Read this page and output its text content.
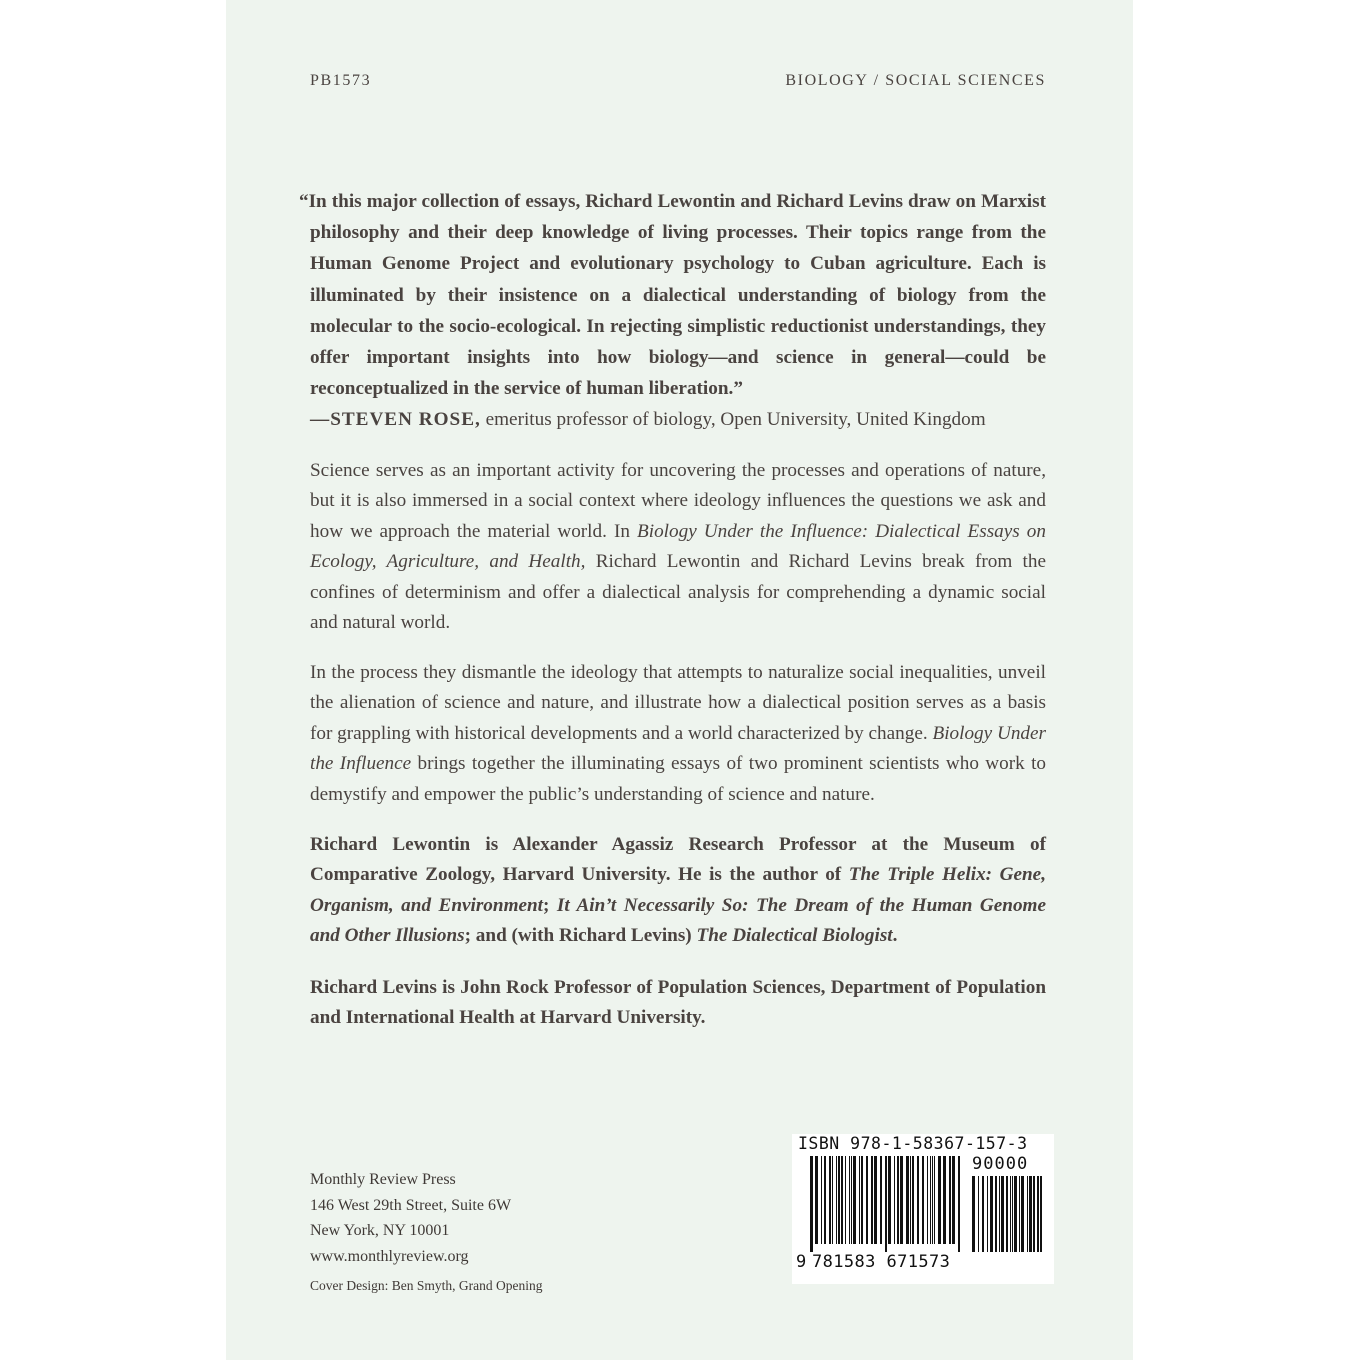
PB1573	BIOLOGY / SOCIAL SCIENCES
“In this major collection of essays, Richard Lewontin and Richard Levins draw on Marxist philosophy and their deep knowledge of living processes. Their topics range from the Human Genome Project and evolutionary psychology to Cuban agriculture. Each is illuminated by their insistence on a dialectical understanding of biology from the molecular to the socio-ecological. In rejecting simplistic reductionist understandings, they offer important insights into how biology—and science in general—could be reconceptualized in the service of human liberation.”
—STEVEN ROSE, emeritus professor of biology, Open University, United Kingdom
Science serves as an important activity for uncovering the processes and operations of nature, but it is also immersed in a social context where ideology influences the questions we ask and how we approach the material world. In Biology Under the Influence: Dialectical Essays on Ecology, Agriculture, and Health, Richard Lewontin and Richard Levins break from the confines of determinism and offer a dialectical analysis for comprehending a dynamic social and natural world.
In the process they dismantle the ideology that attempts to naturalize social inequalities, unveil the alienation of science and nature, and illustrate how a dialectical position serves as a basis for grappling with historical developments and a world characterized by change. Biology Under the Influence brings together the illuminating essays of two prominent scientists who work to demystify and empower the public’s understanding of science and nature.
Richard Lewontin is Alexander Agassiz Research Professor at the Museum of Comparative Zoology, Harvard University. He is the author of The Triple Helix: Gene, Organism, and Environment; It Ain’t Necessarily So: The Dream of the Human Genome and Other Illusions; and (with Richard Levins) The Dialectical Biologist.
Richard Levins is John Rock Professor of Population Sciences, Department of Population and International Health at Harvard University.
Monthly Review Press
146 West 29th Street, Suite 6W
New York, NY 10001
www.monthlyreview.org
Cover Design: Ben Smyth, Grand Opening
ISBN 978-1-58367-157-3
90000
9 781583 671573
